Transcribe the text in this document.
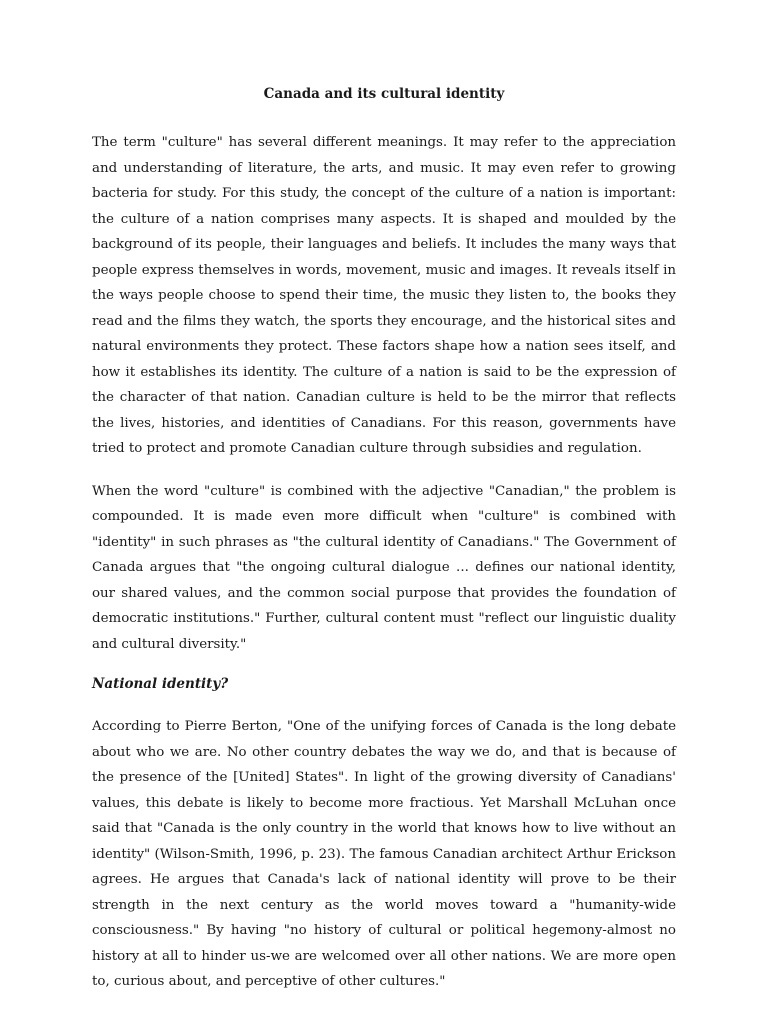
Canada and its cultural identity

The term "culture" has several different meanings. It may refer to the appreciation and understanding of literature, the arts, and music. It may even refer to growing bacteria for study. For this study, the concept of the culture of a nation is important: the culture of a nation comprises many aspects. It is shaped and moulded by the background of its people, their languages and beliefs. It includes the many ways that people express themselves in words, movement, music and images. It reveals itself in the ways people choose to spend their time, the music they listen to, the books they read and the films they watch, the sports they encourage, and the historical sites and natural environments they protect. These factors shape how a nation sees itself, and how it establishes its identity. The culture of a nation is said to be the expression of the character of that nation. Canadian culture is held to be the mirror that reflects the lives, histories, and identities of Canadians. For this reason, governments have tried to protect and promote Canadian culture through subsidies and regulation.

When the word "culture" is combined with the adjective "Canadian," the problem is compounded. It is made even more difficult when "culture" is combined with "identity" in such phrases as "the cultural identity of Canadians." The Government of Canada argues that "the ongoing cultural dialogue ... defines our national identity, our shared values, and the common social purpose that provides the foundation of democratic institutions." Further, cultural content must "reflect our linguistic duality and cultural diversity."

National identity?

According to Pierre Berton, "One of the unifying forces of Canada is the long debate about who we are. No other country debates the way we do, and that is because of the presence of the [United] States". In light of the growing diversity of Canadians' values, this debate is likely to become more fractious. Yet Marshall McLuhan once said that "Canada is the only country in the world that knows how to live without an identity" (Wilson-Smith, 1996, p. 23). The famous Canadian architect Arthur Erickson agrees. He argues that Canada's lack of national identity will prove to be their strength in the next century as the world moves toward a "humanity-wide consciousness." By having "no history of cultural or political hegemony-almost no history at all to hinder us-we are welcomed over all other nations. We are more open to, curious about, and perceptive of other cultures."
